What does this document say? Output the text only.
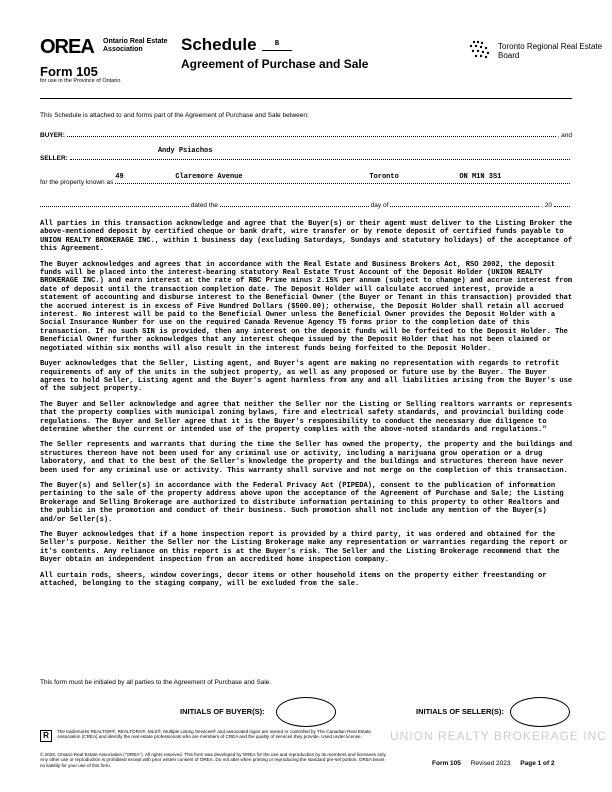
OREA Ontario Real Estate Association
Form 105
for use in the Province of Ontario
Schedule	B
Agreement of Purchase and Sale
Toronto Regional Real Estate Board
This Schedule is attached to and forms part of the Agreement of Purchase and Sale between:
BUYER:	, and
SELLER:
Andy Psiachos
for the property known as
49	Claremore Avenue	Toronto	ON M1N 3S1
dated the	day of	, 20

All parties in this transaction acknowledge and agree that the Buyer(s) or their agent must deliver to the Listing Broker the above-mentioned deposit by certified cheque or bank draft, wire transfer or by remote deposit of certified funds payable to UNION REALTY BROKERAGE INC., within 1 business day (excluding Saturdays, Sundays and statutory holidays) of the acceptance of this Agreement.

The Buyer acknowledges and agrees that in accordance with the Real Estate and Business Brokers Act, RSO 2002, the deposit funds will be placed into the interest-bearing statutory Real Estate Trust Account of the Deposit Holder (UNION REALTY BROKERAGE INC.) and earn interest at the rate of RBC Prime minus 2.15% per annum (subject to change) and accrue interest from date of deposit until the transaction completion date. The Deposit Holder will calculate accrued interest, provide a statement of accounting and disburse interest to the Beneficial Owner (the Buyer or Tenant in this transaction) provided that the accrued interest is in excess of Five Hundred Dollars ($500.00); otherwise, the Deposit Holder shall retain all accrued interest. No interest will be paid to the Beneficial Owner unless the Beneficial Owner provides the Deposit Holder with a Social Insurance Number for use on the required Canada Revenue Agency T5 forms prior to the completion date of this transaction. If no such SIN is provided, then any interest on the deposit funds will be forfeited to the Deposit Holder. The Beneficial Owner further acknowledges that any interest cheque issued by the Deposit Holder that has not been claimed or negotiated within six months will also result in the interest funds being forfeited to the Deposit Holder.

Buyer acknowledges that the Seller, Listing agent, and Buyer's agent are making no representation with regards to retrofit requirements of any of the units in the subject property, as well as any proposed or future use by the Buyer. The Buyer agrees to hold Seller, Listing agent and the Buyer's agent harmless from any and all liabilities arising from the Buyer's use of the subject property.

The Buyer and Seller acknowledge and agree that neither the Seller nor the Listing or Selling realtors warrants or represents that the property complies with municipal zoning bylaws, fire and electrical safety standards, and provincial building code regulations. The Buyer and Seller agree that it is the Buyer's responsibility to conduct the necessary due diligence to determine whether the current or intended use of the property complies with the above-noted standards and regulations."

The Seller represents and warrants that during the time the Seller has owned the property, the property and the buildings and structures thereon have not been used for any criminal use or activity, including a marijuana grow operation or a drug laboratory, and that to the best of the Seller's knowledge the property and the buildings and structures thereon have never been used for any criminal use or activity. This warranty shall survive and not merge on the completion of this transaction.

The Buyer(s) and Seller(s) in accordance with the Federal Privacy Act (PIPEDA), consent to the publication of information pertaining to the sale of the property address above upon the acceptance of the Agreement of Purchase and Sale; the Listing Brokerage and Selling Brokerage are authorized to distribute information pertaining to this property to other Realtors and the public in the promotion and conduct of their business. Such promotion shall not include any mention of the Buyer(s) and/or Seller(s).

The Buyer acknowledges that if a home inspection report is provided by a third party, it was ordered and obtained for the Seller's purpose. Neither the Seller nor the Listing Brokerage make any representation or warranties regarding the report or it's contents. Any reliance on this report is at the Buyer's risk. The Seller and the Listing Brokerage recommend that the Buyer obtain an independent inspection from an accredited home inspection company.

All curtain rods, sheers, window coverings, decor items or other household items on the property either freestanding or attached, belonging to the staging company, will be excluded from the sale.

This form must be initialed by all parties to the Agreement of Purchase and Sale.
INITIALS OF BUYER(S):	INITIALS OF SELLER(S):
R	The trademarks REALTOR®, REALTORS®, MLS®, Multiple Listing Services® and associated logos are owned or controlled by The Canadian Real Estate Association (CREA) and identify the real estate professionals who are members of CREA and the quality of services they provide. Used under license.
© 2026, Ontario Real Estate Association ("OREA"). All rights reserved. This form was developed by OREA for the use and reproduction by its members and licensees only. Any other use or reproduction is prohibited except with prior written consent of OREA. Do not alter when printing or reproducing the standard pre-set portion. OREA bears no liability for your use of this form.
UNION REALTY BROKERAGE INC
Form 105 Revised 2023 Page 1 of 2
